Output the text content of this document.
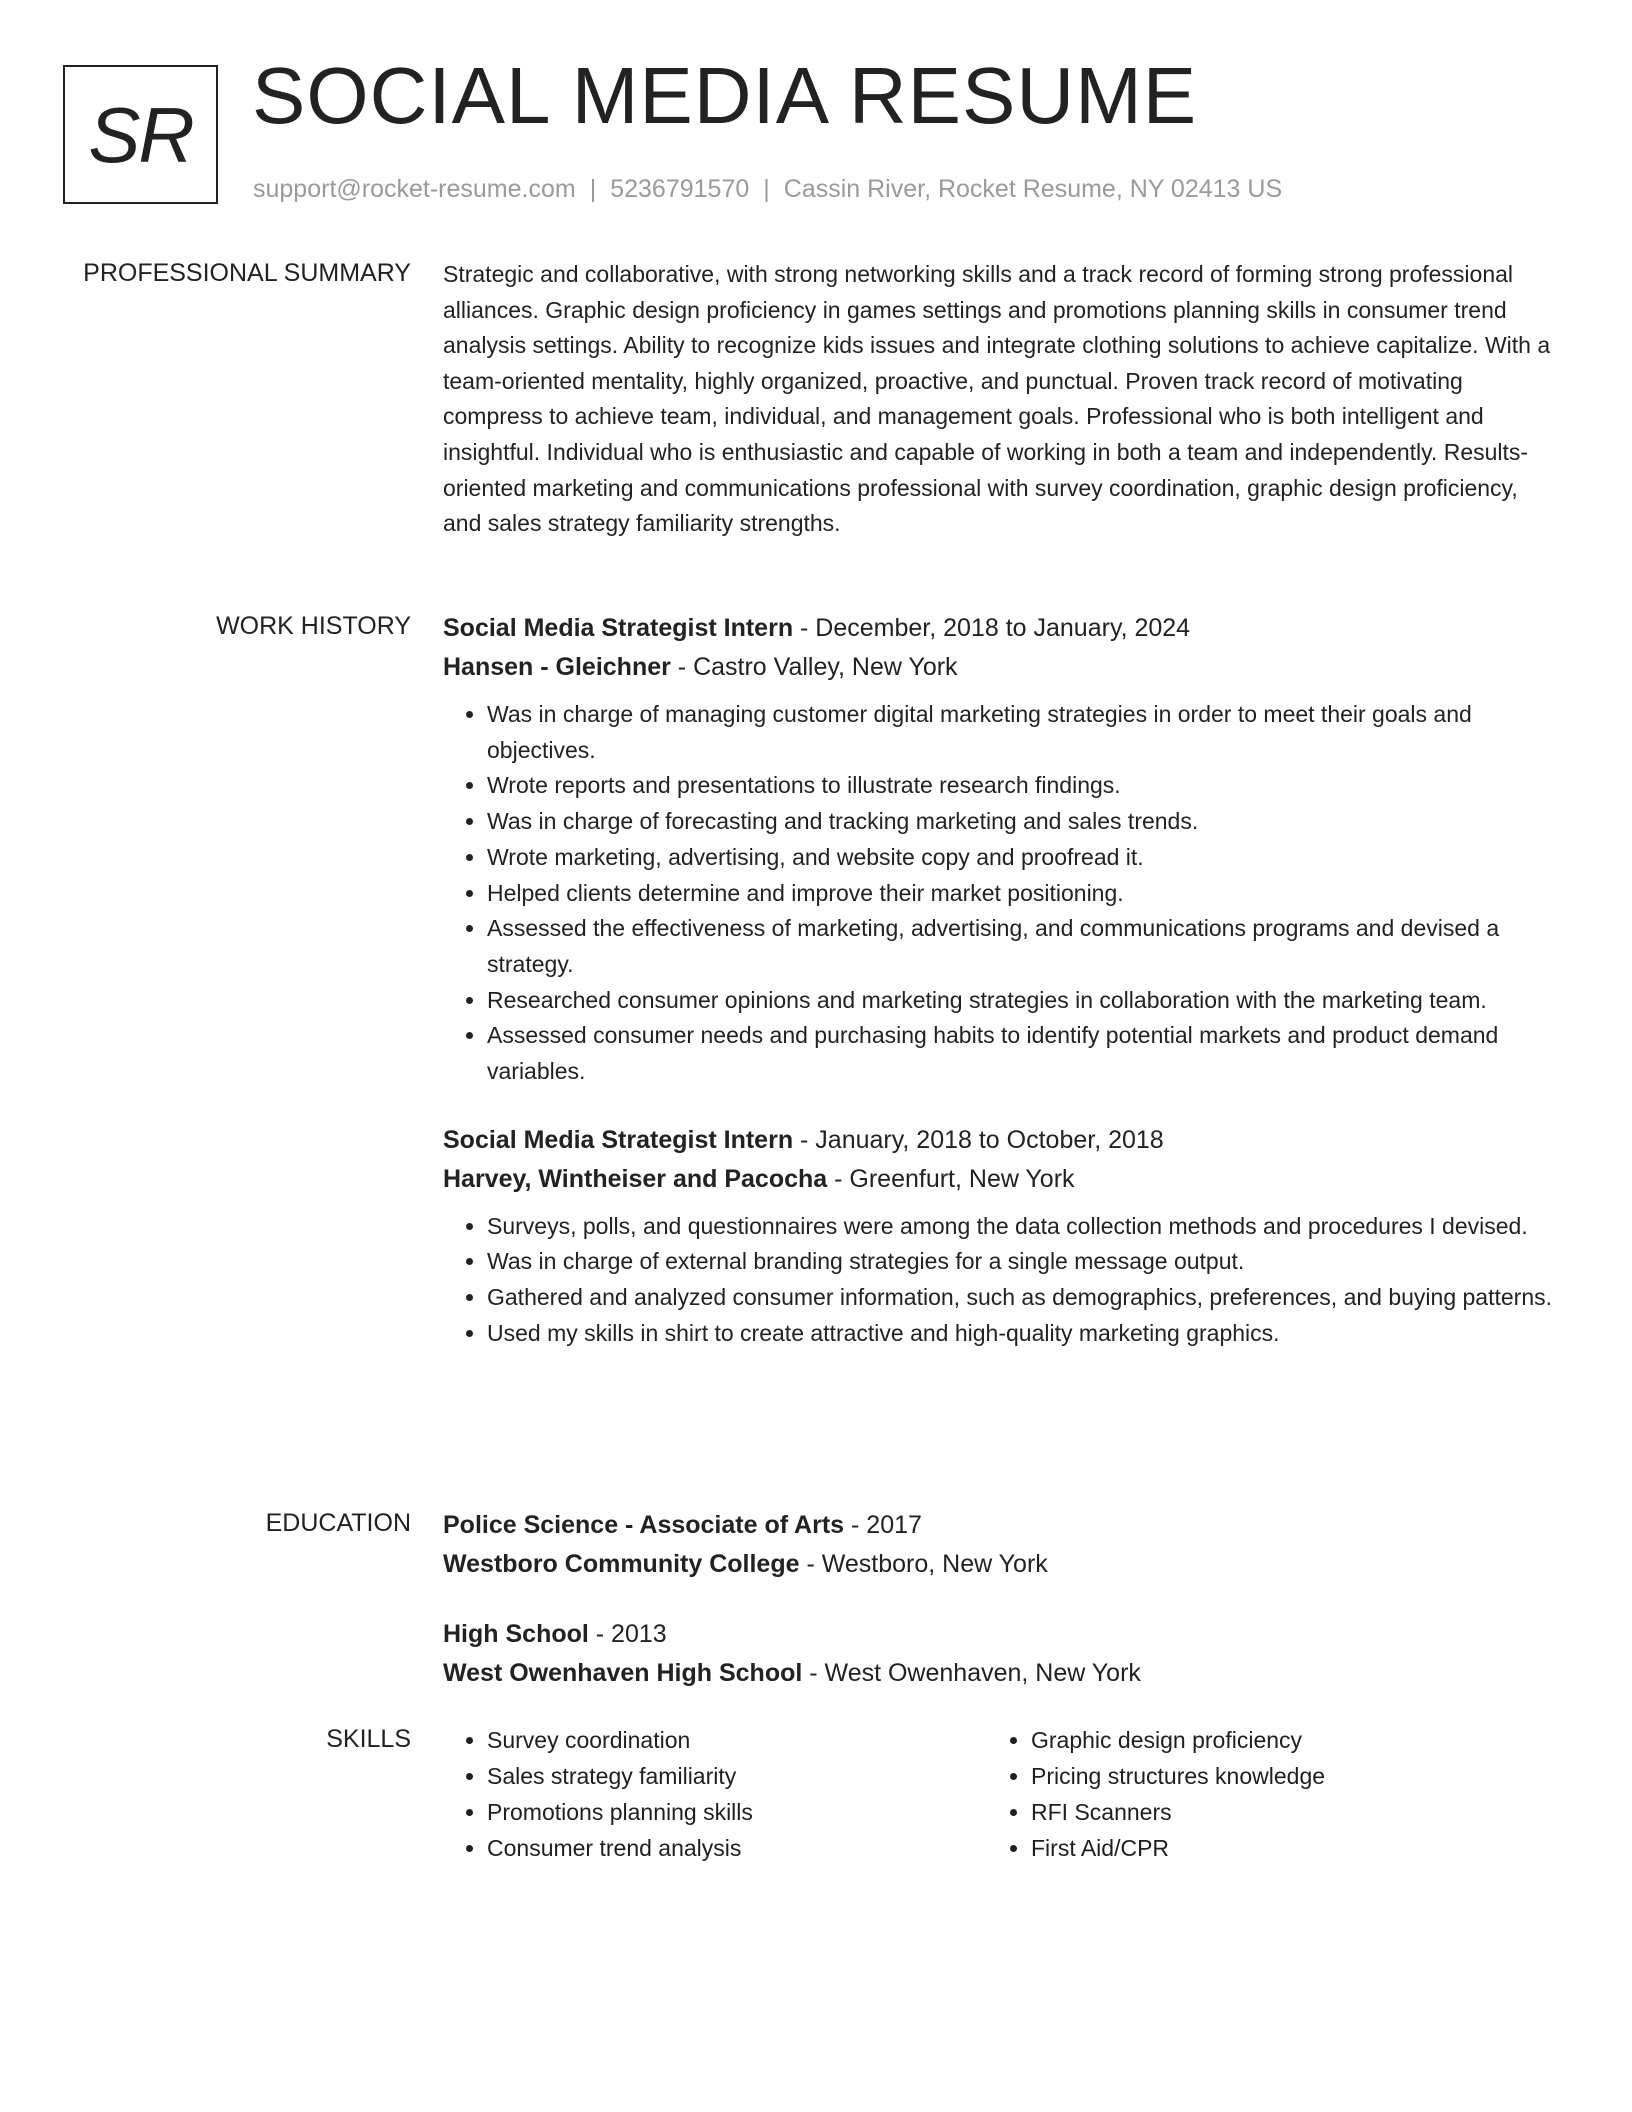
SR SOCIAL MEDIA RESUME
support@rocket-resume.com | 5236791570 | Cassin River, Rocket Resume, NY 02413 US
PROFESSIONAL SUMMARY Strategic and collaborative, with strong networking skills and a track record of forming strong professional alliances. Graphic design proficiency in games settings and promotions planning skills in consumer trend analysis settings. Ability to recognize kids issues and integrate clothing solutions to achieve capitalize. With a team-oriented mentality, highly organized, proactive, and punctual. Proven track record of motivating compress to achieve team, individual, and management goals. Professional who is both intelligent and insightful. Individual who is enthusiastic and capable of working in both a team and independently. Results-oriented marketing and communications professional with survey coordination, graphic design proficiency, and sales strategy familiarity strengths.

WORK HISTORY Social Media Strategist Intern - December, 2018 to January, 2024
Hansen - Gleichner - Castro Valley, New York
• Was in charge of managing customer digital marketing strategies in order to meet their goals and objectives.
• Wrote reports and presentations to illustrate research findings.
• Was in charge of forecasting and tracking marketing and sales trends.
• Wrote marketing, advertising, and website copy and proofread it.
• Helped clients determine and improve their market positioning.
• Assessed the effectiveness of marketing, advertising, and communications programs and devised a strategy.
• Researched consumer opinions and marketing strategies in collaboration with the marketing team.
• Assessed consumer needs and purchasing habits to identify potential markets and product demand variables.
Social Media Strategist Intern - January, 2018 to October, 2018
Harvey, Wintheiser and Pacocha - Greenfurt, New York
• Surveys, polls, and questionnaires were among the data collection methods and procedures I devised.
• Was in charge of external branding strategies for a single message output.
• Gathered and analyzed consumer information, such as demographics, preferences, and buying patterns.
• Used my skills in shirt to create attractive and high-quality marketing graphics.
EDUCATION Police Science - Associate of Arts - 2017
Westboro Community College - Westboro, New York
High School - 2013
West Owenhaven High School - West Owenhaven, New York
SKILLS
•	Survey coordination
• Sales strategy familiarity
• Promotions planning skills
• Consumer trend analysis
• Graphic design proficiency
• Pricing structures knowledge
• RFI Scanners
• First Aid/CPR
